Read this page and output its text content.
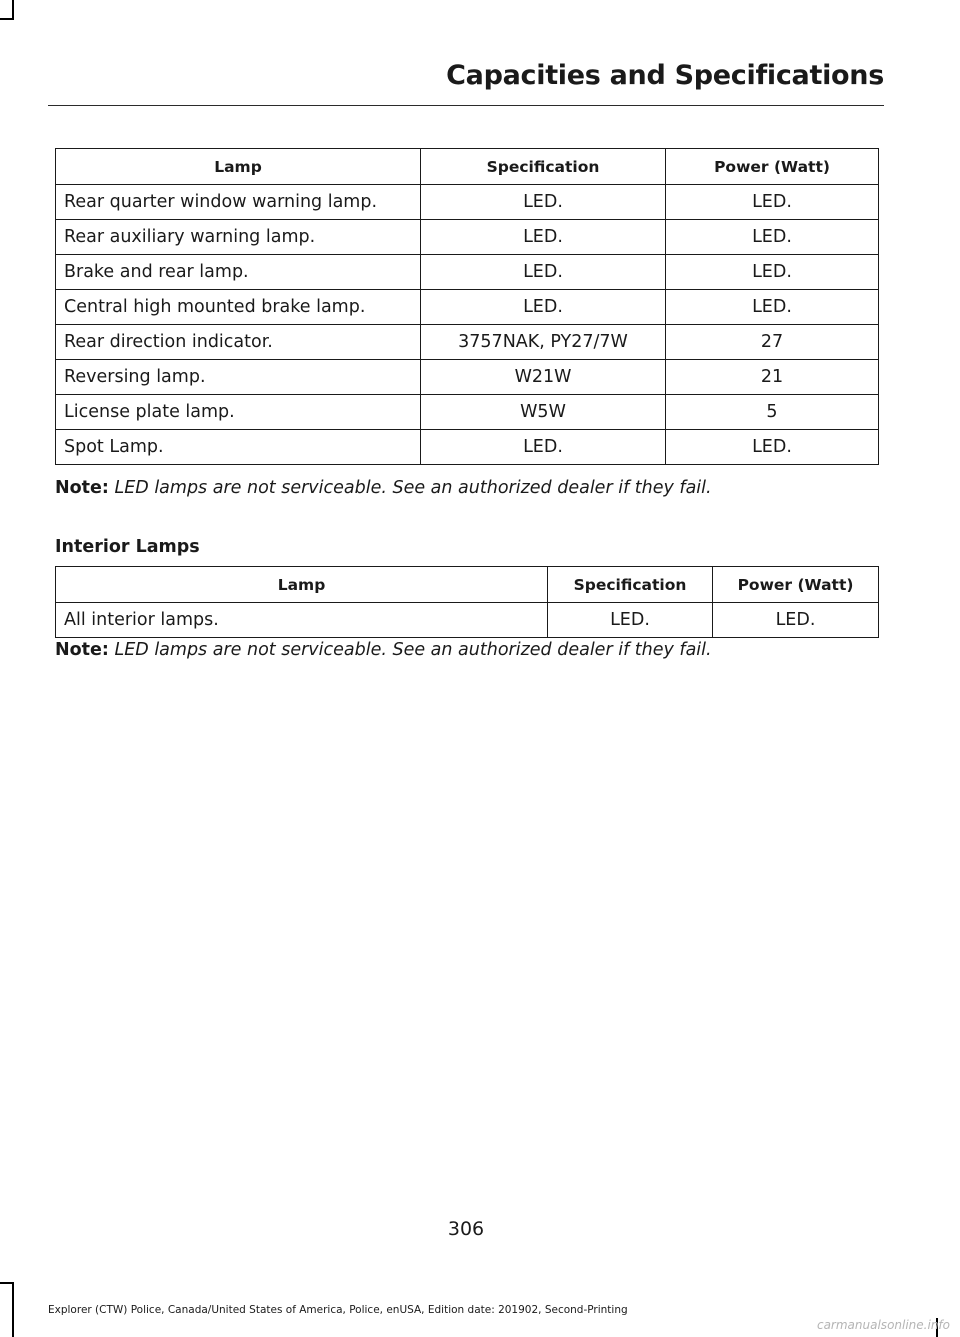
Capacities and Specifications
Lamp	Specification	Power (Watt)
Rear quarter window warning lamp.	LED.	LED.
Rear auxiliary warning lamp.	LED.	LED.
Brake and rear lamp.	LED.	LED.
Central high mounted brake lamp.	LED.	LED.
Rear direction indicator.	3757NAK, PY27/7W	27
Reversing lamp.	W21W	21
License plate lamp.	W5W	5
Spot Lamp.	LED.	LED.
Note: LED lamps are not serviceable. See an authorized dealer if they fail.
Interior Lamps
Lamp	Specification	Power (Watt)
All interior lamps.	LED.	LED.
Note: LED lamps are not serviceable. See an authorized dealer if they fail.
306
Explorer (CTW) Police, Canada/United States of America, Police, enUSA, Edition date: 201902, Second-Printing
carmanualsonline.info
